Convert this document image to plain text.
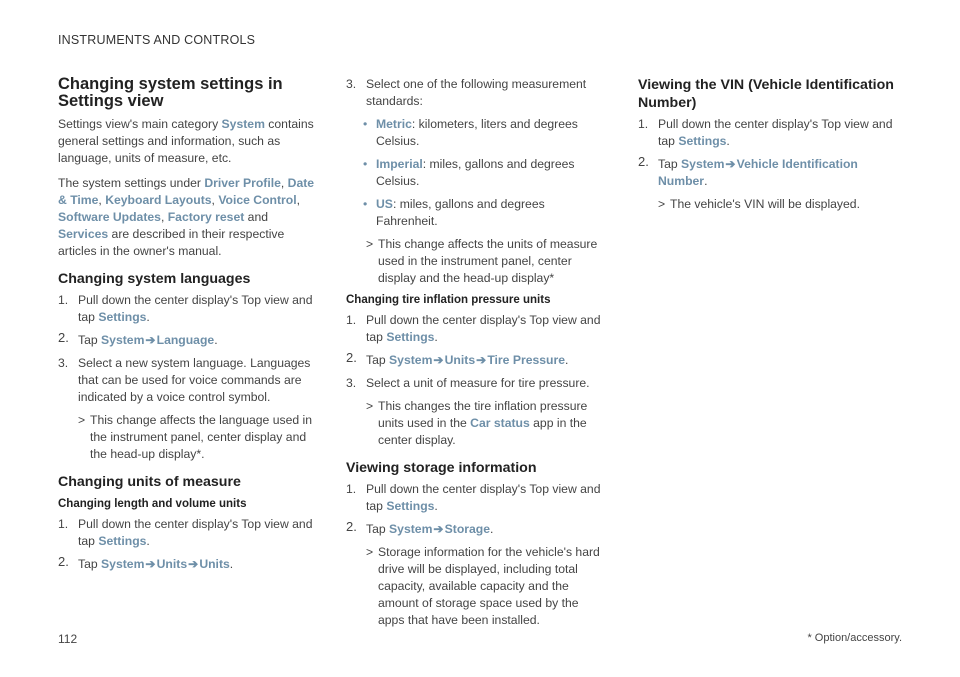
INSTRUMENTS AND CONTROLS
Changing system settings in Settings view

Settings view's main category System contains general settings and information, such as language, units of measure, etc.

The system settings under Driver Profile, Date & Time, Keyboard Layouts, Voice Control, Software Updates, Factory reset and Services are described in their respective articles in the owner's manual.

Changing system languages
1. Pull down the center display's Top view and tap Settings.
2. Tap System➔Language.
3. Select a new system language. Languages that can be used for voice commands are indicated by a voice control symbol.
> This change affects the language used in the instrument panel, center display and the head-up display*.
Changing units of measure
Changing length and volume units
1. Pull down the center display's Top view and tap Settings.
2. Tap System➔Units➔Units.
3. Select one of the following measurement standards:
• Metric: kilometers, liters and degrees Celsius.
• Imperial: miles, gallons and degrees Celsius.
• US: miles, gallons and degrees Fahrenheit.
> This change affects the units of measure used in the instrument panel, center display and the head-up display*
Changing tire inflation pressure units
1. Pull down the center display's Top view and tap Settings.
2. Tap System➔Units➔Tire Pressure.
3. Select a unit of measure for tire pressure.
> This changes the tire inflation pressure units used in the Car status app in the center display.
Viewing storage information
1. Pull down the center display's Top view and tap Settings.
2. Tap System➔Storage.
> Storage information for the vehicle's hard drive will be displayed, including total capacity, available capacity and the amount of storage space used by the apps that have been installed.
Viewing the VIN (Vehicle Identification Number)
1. Pull down the center display's Top view and tap Settings.
2. Tap System➔Vehicle Identification Number.
> The vehicle's VIN will be displayed.
112	* Option/accessory.
